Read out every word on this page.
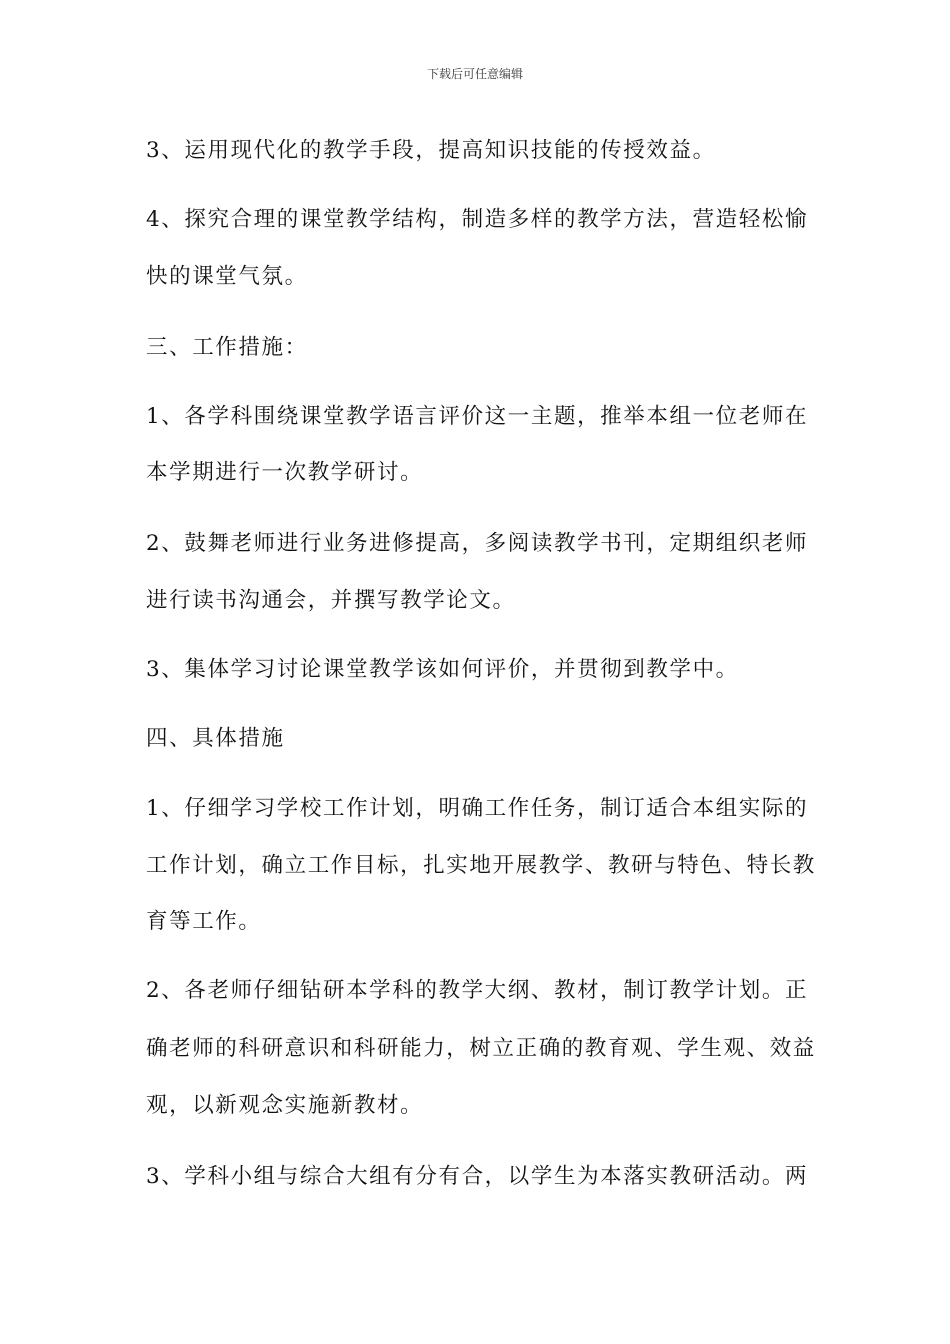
下载后可任意编辑
3、运用现代化的教学手段，提高知识技能的传授效益。
4、探究合理的课堂教学结构，制造多样的教学方法，营造轻松愉
快的课堂气氛。
三、工作措施：
1、各学科围绕课堂教学语言评价这一主题，推举本组一位老师在
本学期进行一次教学研讨。
2、鼓舞老师进行业务进修提高，多阅读教学书刊，定期组织老师
进行读书沟通会，并撰写教学论文。
3、集体学习讨论课堂教学该如何评价，并贯彻到教学中。
四、具体措施
1、仔细学习学校工作计划，明确工作任务，制订适合本组实际的
工作计划，确立工作目标，扎实地开展教学、教研与特色、特长教
育等工作。
2、各老师仔细钻研本学科的教学大纲、教材，制订教学计划。正
确老师的科研意识和科研能力，树立正确的教育观、学生观、效益
观，以新观念实施新教材。
3、学科小组与综合大组有分有合，以学生为本落实教研活动。两
